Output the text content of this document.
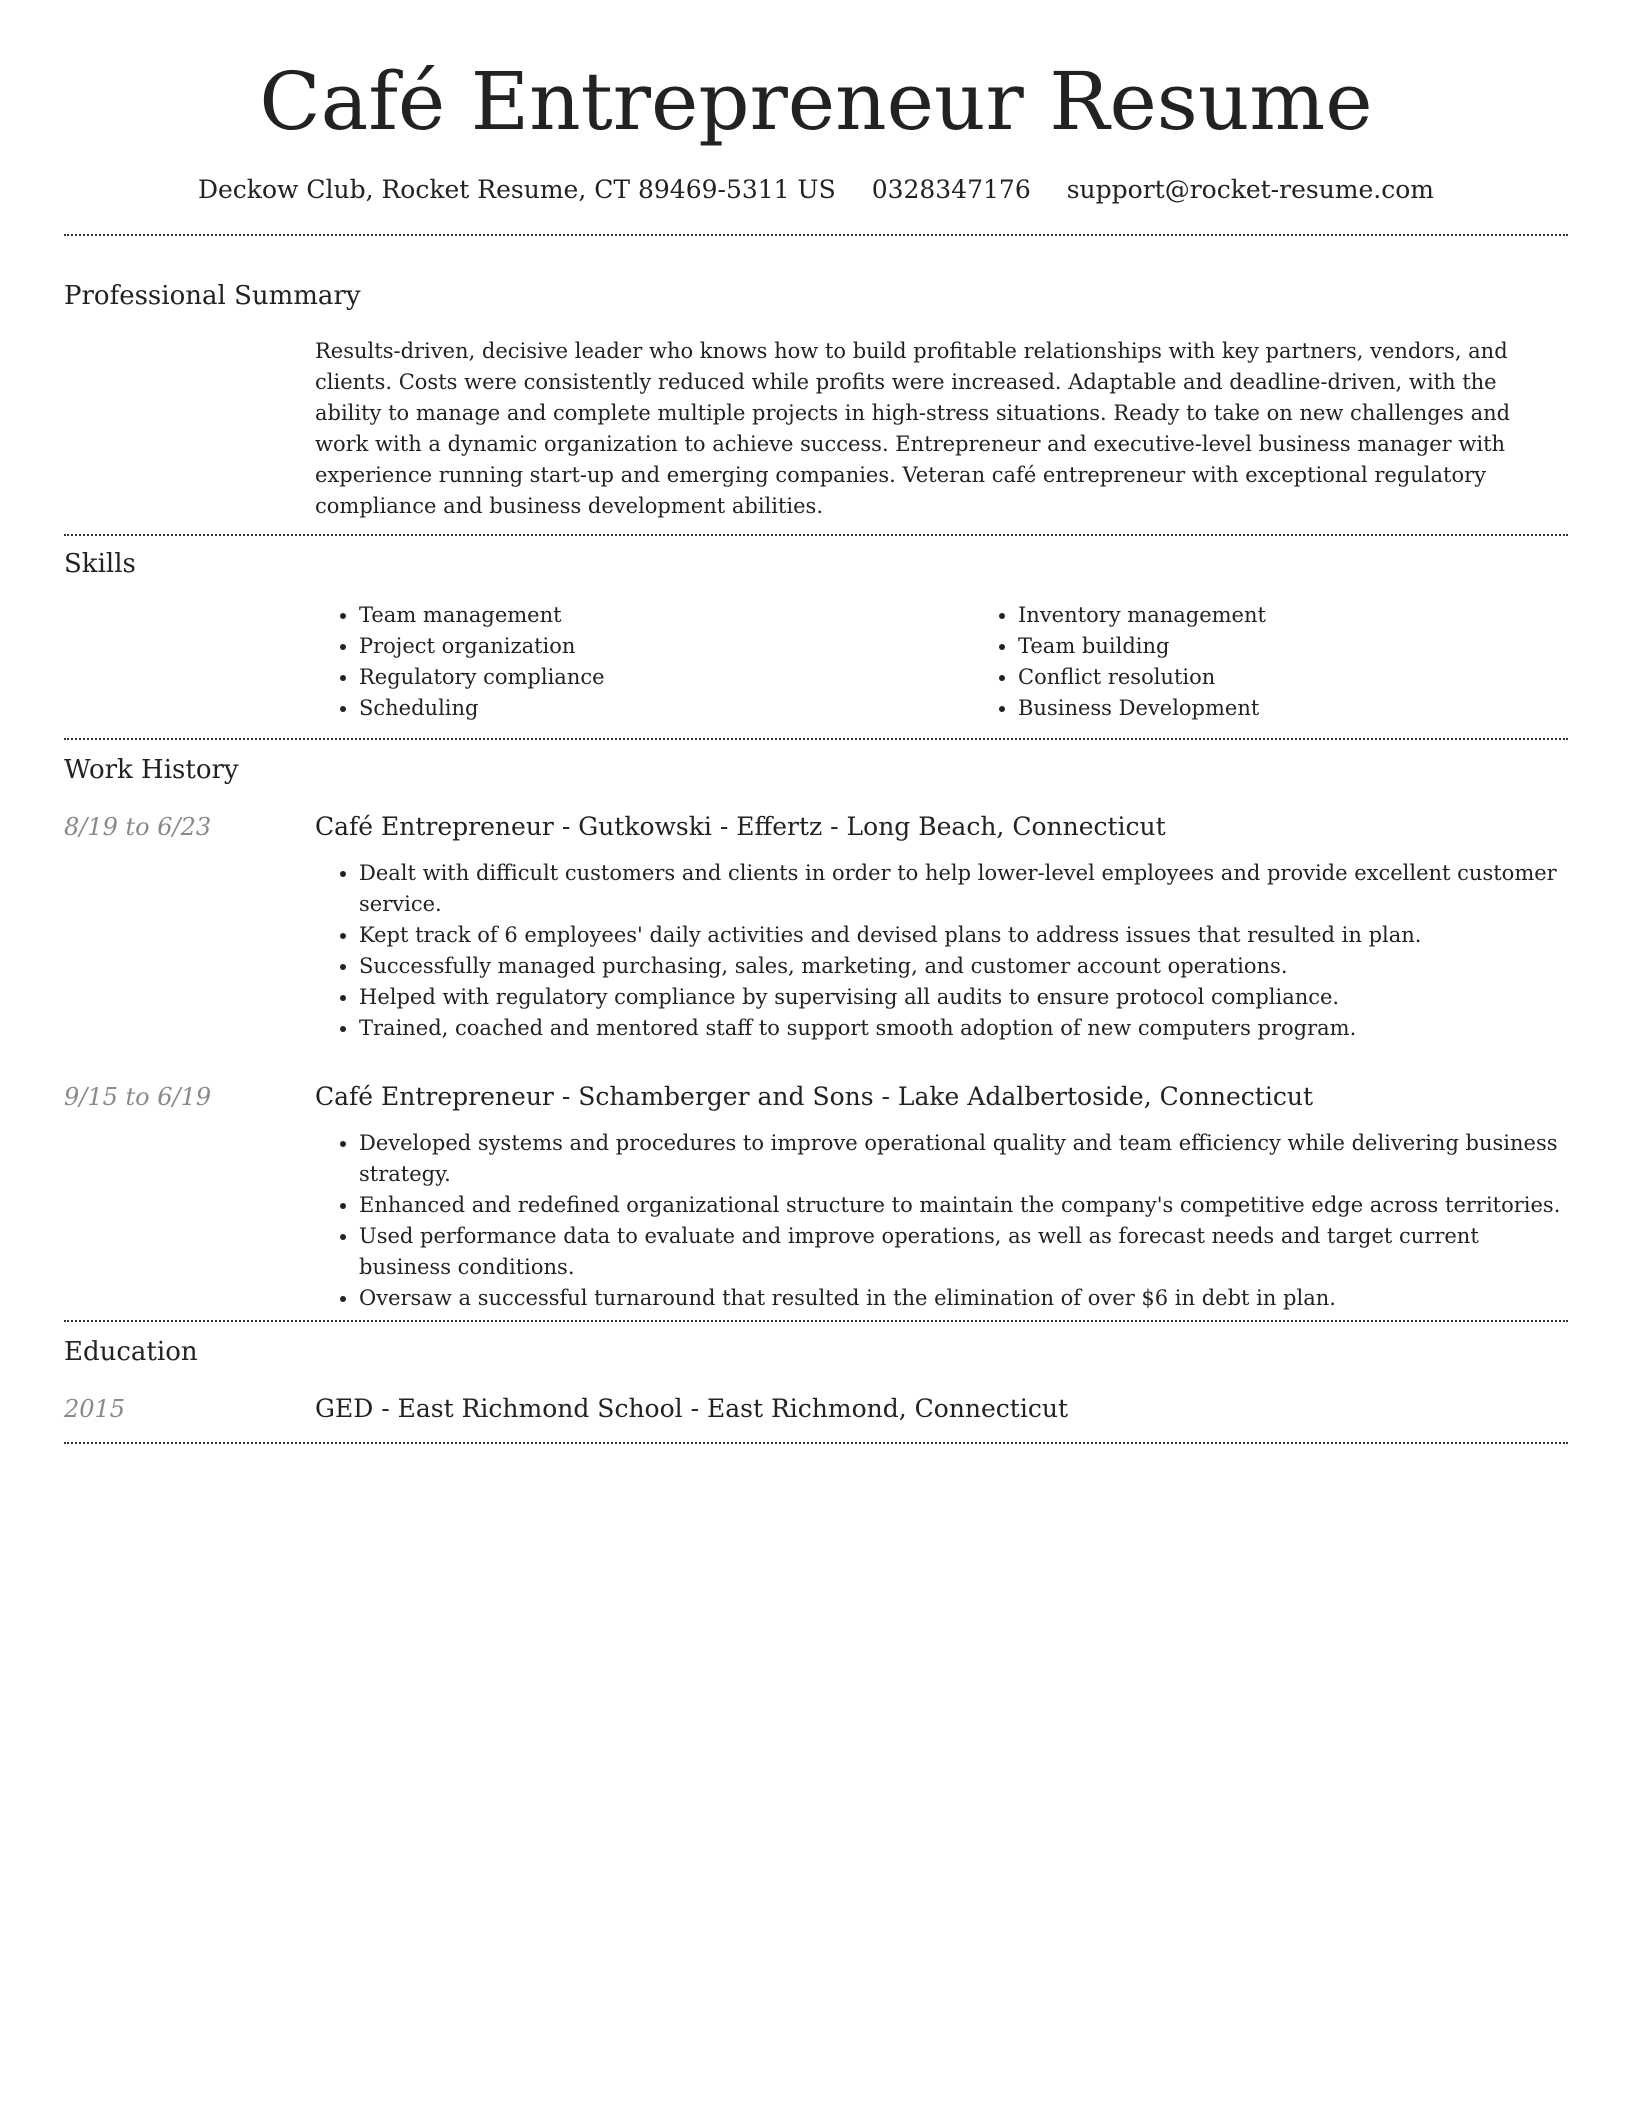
Café Entrepreneur Resume
Deckow Club, Rocket Resume, CT 89469-5311 US 0328347176 support@rocket-resume.com
Professional Summary

Results-driven, decisive leader who knows how to build profitable relationships with key partners, vendors, and clients. Costs were consistently reduced while profits were increased. Adaptable and deadline-driven, with the ability to manage and complete multiple projects in high-stress situations. Ready to take on new challenges and work with a dynamic organization to achieve success. Entrepreneur and executive-level business manager with experience running start-up and emerging companies. Veteran café entrepreneur with exceptional regulatory compliance and business development abilities.

Skills
• Team management
• Project organization
• Regulatory compliance
• Scheduling
• Inventory management
• Team building
• Conflict resolution
• Business Development
Work History
8/19 to 6/23	Café Entrepreneur - Gutkowski - Effertz - Long Beach, Connecticut
• Dealt with difficult customers and clients in order to help lower-level employees and provide excellent customer service.
• Kept track of 6 employees' daily activities and devised plans to address issues that resulted in plan.
• Successfully managed purchasing, sales, marketing, and customer account operations.
• Helped with regulatory compliance by supervising all audits to ensure protocol compliance.
• Trained, coached and mentored staff to support smooth adoption of new computers program.
9/15 to 6/19	Café Entrepreneur - Schamberger and Sons - Lake Adalbertoside, Connecticut
• Developed systems and procedures to improve operational quality and team efficiency while delivering business strategy.
• Enhanced and redefined organizational structure to maintain the company's competitive edge across territories.
• Used performance data to evaluate and improve operations, as well as forecast needs and target current business conditions.
• Oversaw a successful turnaround that resulted in the elimination of over $6 in debt in plan.
Education
2015	GED - East Richmond School - East Richmond, Connecticut
